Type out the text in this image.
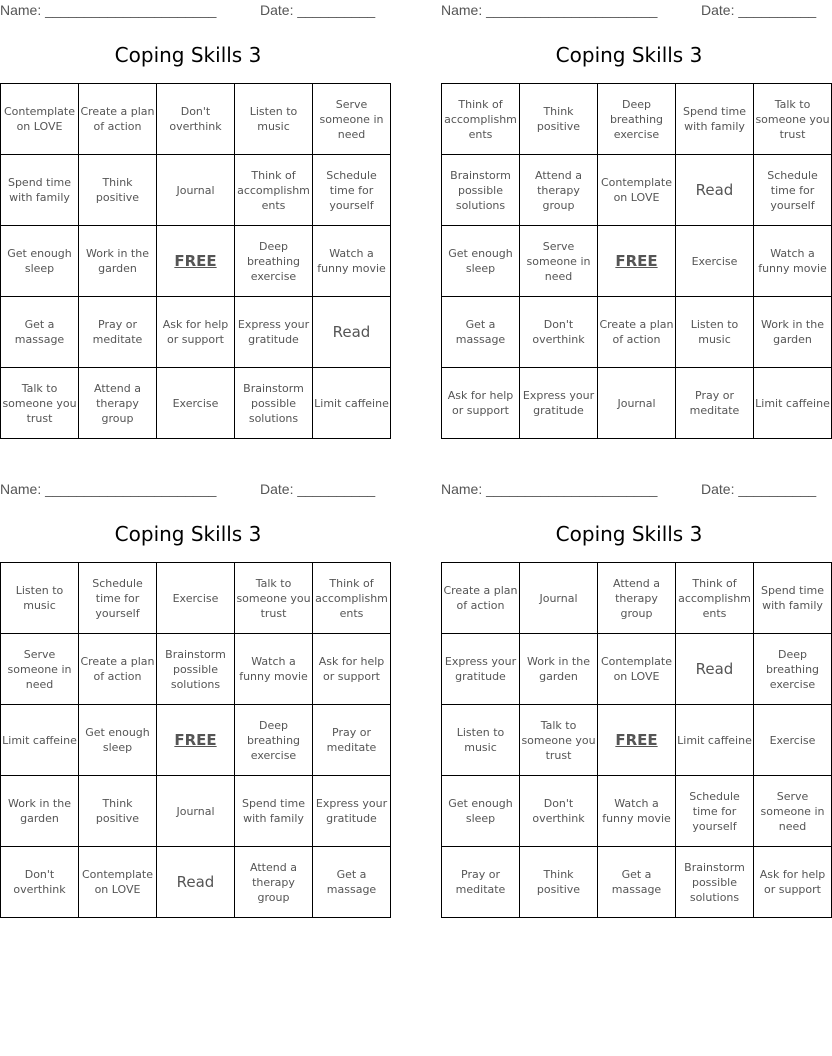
Name: ______________________	Date: __________
Coping Skills 3
Contemplate on LOVE	Create a plan of action	Don't overthink	Listen to music	Serve someone in need
Spend time with family	Think positive	Journal	Think of accomplishments	Schedule time for yourself
Get enough sleep	Work in the garden	FREE	Deep breathing exercise	Watch a funny movie
Get a massage	Pray or meditate	Ask for help or support	Express your gratitude	Read
Talk to someone you trust	Attend a therapy group	Exercise	Brainstorm possible solutions	Limit caffeine
Name: ______________________	Date: __________
Coping Skills 3
Think of accomplishments	Think positive	Deep breathing exercise	Spend time with family	Talk to someone you trust
Brainstorm possible solutions	Attend a therapy group	Contemplate on LOVE	Read	Schedule time for yourself
Get enough sleep	Serve someone in need	FREE	Exercise	Watch a funny movie
Get a massage	Don't overthink	Create a plan of action	Listen to music	Work in the garden
Ask for help or support	Express your gratitude	Journal	Pray or meditate	Limit caffeine
Name: ______________________	Date: __________
Coping Skills 3
Listen to music	Schedule time for yourself	Exercise	Talk to someone you trust	Think of accomplishments
Serve someone in need	Create a plan of action	Brainstorm possible solutions	Watch a funny movie	Ask for help or support
Limit caffeine	Get enough sleep	FREE	Deep breathing exercise	Pray or meditate
Work in the garden	Think positive	Journal	Spend time with family	Express your gratitude
Don't overthink	Contemplate on LOVE	Read	Attend a therapy group	Get a massage
Name: ______________________	Date: __________
Coping Skills 3
Create a plan of action	Journal	Attend a therapy group	Think of accomplishments	Spend time with family
Express your gratitude	Work in the garden	Contemplate on LOVE	Read	Deep breathing exercise
Listen to music	Talk to someone you trust	FREE	Limit caffeine	Exercise
Get enough sleep	Don't overthink	Watch a funny movie	Schedule time for yourself	Serve someone in need
Pray or meditate	Think positive	Get a massage	Brainstorm possible solutions	Ask for help or support
